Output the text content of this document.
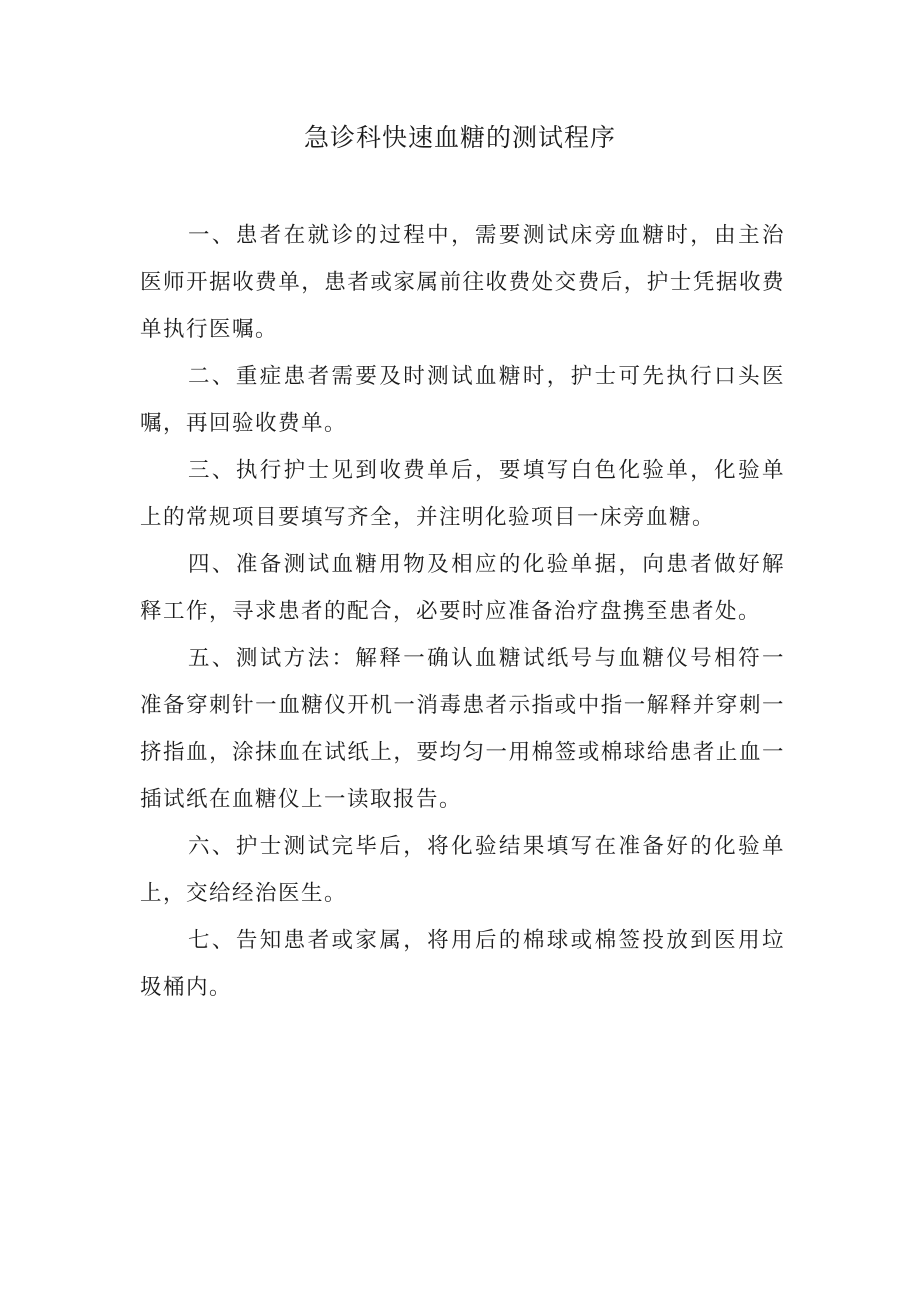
急诊科快速血糖的测试程序

一、患者在就诊的过程中，需要测试床旁血糖时，由主治医师开据收费单，患者或家属前往收费处交费后，护士凭据收费单执行医嘱。

二、重症患者需要及时测试血糖时，护士可先执行口头医嘱，再回验收费单。

三、执行护士见到收费单后，要填写白色化验单，化验单上的常规项目要填写齐全，并注明化验项目一床旁血糖。

四、准备测试血糖用物及相应的化验单据，向患者做好解释工作，寻求患者的配合，必要时应准备治疗盘携至患者处。

五、测试方法：解释一确认血糖试纸号与血糖仪号相符一准备穿刺针一血糖仪开机一消毒患者示指或中指一解释并穿刺一挤指血，涂抹血在试纸上，要均匀一用棉签或棉球给患者止血一插试纸在血糖仪上一读取报告。

六、护士测试完毕后，将化验结果填写在准备好的化验单上，交给经治医生。

七、告知患者或家属，将用后的棉球或棉签投放到医用垃圾桶内。
